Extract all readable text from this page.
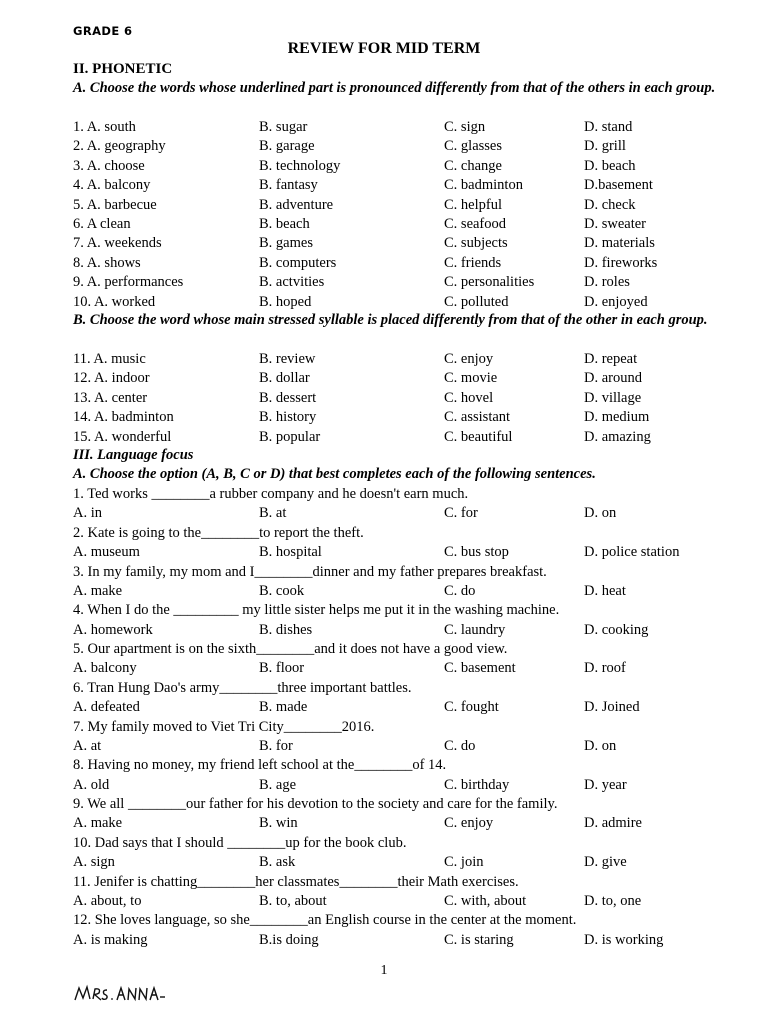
GRADE 6
REVIEW FOR MID TERM
II. PHONETIC
A. Choose the words whose underlined part is pronounced differently from that of the others in each group.
1. A. south	B. sugar	C. sign	D. stand
2. A. geography	B. garage	C. glasses	D. grill
3. A. choose	B. technology	C. change	D. beach
4. A. balcony	B. fantasy	C. badminton	D.basement
5. A. barbecue	B. adventure	C. helpful	D. check
6. A clean	B. beach	C. seafood	D. sweater
7. A. weekends	B. games	C. subjects	D. materials
8. A. shows	B. computers	C. friends	D. fireworks
9. A. performances	B. actvities	C. personalities	D. roles
10. A. worked	B. hoped	C. polluted	D. enjoyed
B. Choose the word whose main stressed syllable is placed differently from that of the other in each group.
11. A. music	B. review	C. enjoy	D. repeat
12. A. indoor	B. dollar	C. movie	D. around
13. A. center	B. dessert	C. hovel	D. village
14. A. badminton	B. history	C. assistant	D. medium
15. A. wonderful	B. popular	C. beautiful	D. amazing
III. Language focus
A. Choose the option (A, B, C or D) that best completes each of the following sentences.
1. Ted works ________a rubber company and he doesn't earn much.
A. in	B. at	C. for	D. on
2. Kate is going to the________to report the theft.
A. museum	B. hospital	C. bus stop	D. police station
3. In my family, my mom and I________dinner and my father prepares breakfast.
A. make	B. cook	C. do	D. heat
4. When I do the _________ my little sister helps me put it in the washing machine.
A. homework	B. dishes	C. laundry	D. cooking
5. Our apartment is on the sixth________and it does not have a good view.
A. balcony	B. floor	C. basement	D. roof
6. Tran Hung Dao's army________three important battles.
A. defeated	B. made	C. fought	D. Joined
7. My family moved to Viet Tri City________2016.
A. at	B. for	C. do	D. on
8. Having no money, my friend left school at the________of 14.
A. old	B. age	C. birthday	D. year
9. We all ________our father for his devotion to the society and care for the family.
A. make	B. win	C. enjoy	D. admire
10. Dad says that I should ________up for the book club.
A. sign	B. ask	C. join	D. give
11. Jenifer is chatting________her classmates________their Math exercises.
A. about, to	B. to, about	C. with, about	D. to, one
12. She loves language, so she________an English course in the center at the moment.
A. is making	B.is doing	C. is staring	D. is working
1
